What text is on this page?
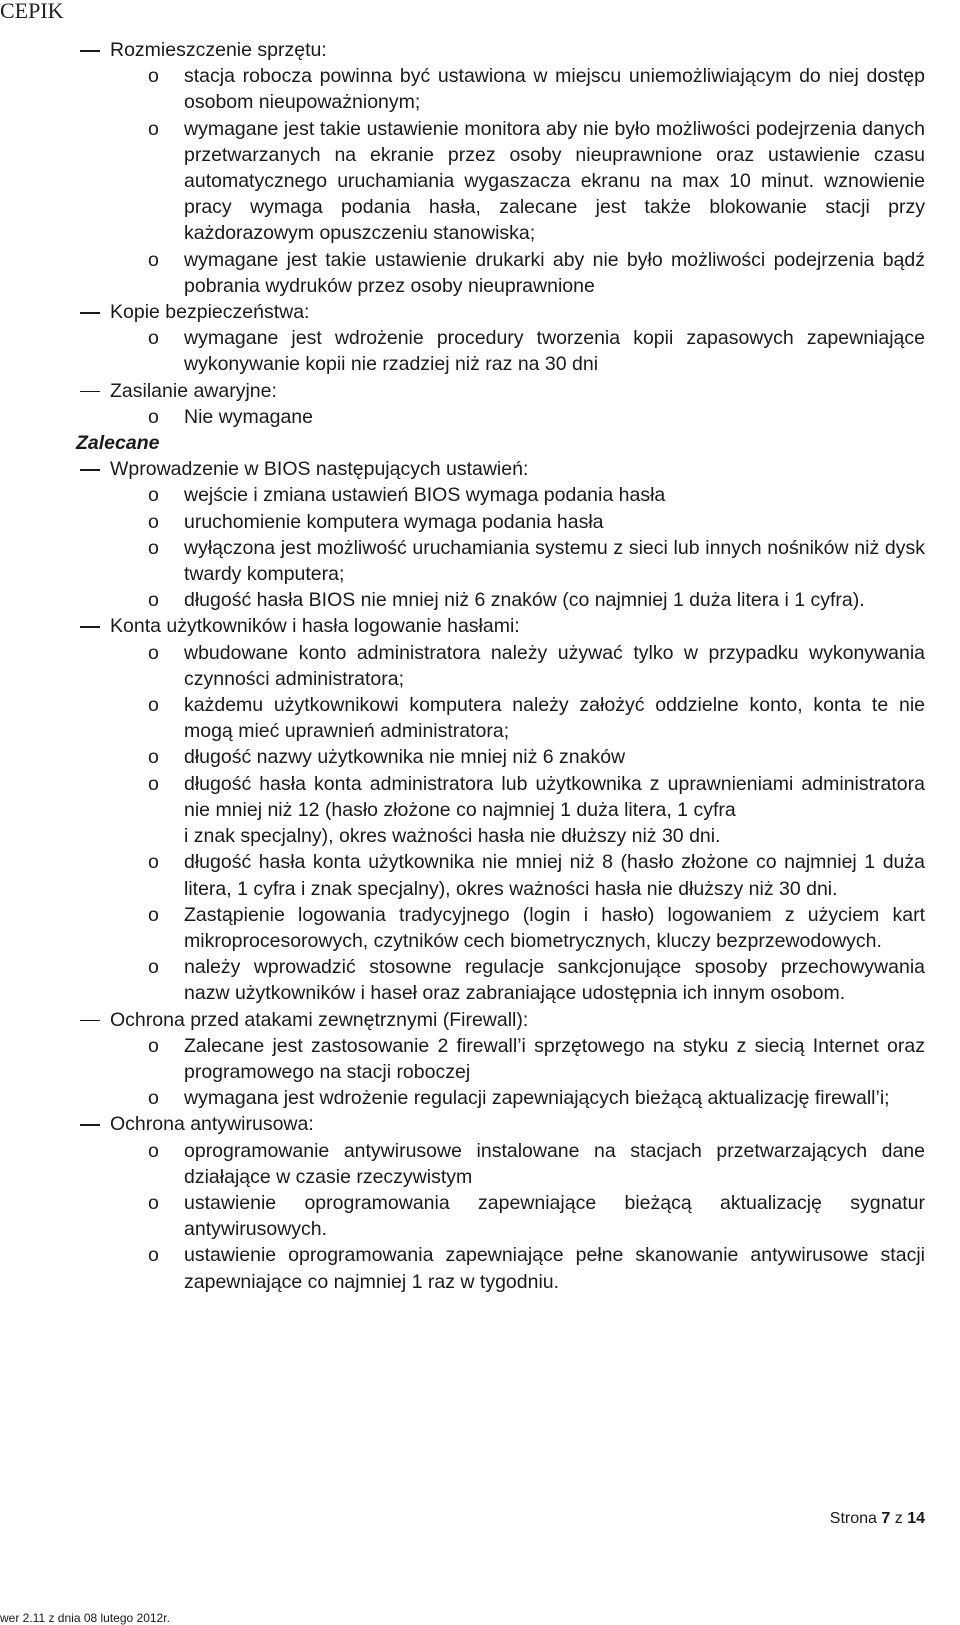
CEPIK
Rozmieszczenie sprzętu:
o stacja robocza powinna być ustawiona w miejscu uniemożliwiającym do niej dostęp osobom nieupoważnionym;
o wymagane jest takie ustawienie monitora aby nie było możliwości podejrzenia danych przetwarzanych na ekranie przez osoby nieuprawnione oraz ustawienie czasu automatycznego uruchamiania wygaszacza ekranu na max 10 minut. wznowienie pracy wymaga podania hasła, zalecane jest także blokowanie stacji przy każdorazowym opuszczeniu stanowiska;
o wymagane jest takie ustawienie drukarki aby nie było możliwości podejrzenia bądź pobrania wydruków przez osoby nieuprawnione
Kopie bezpieczeństwa:
o wymagane jest wdrożenie procedury tworzenia kopii zapasowych zapewniające wykonywanie kopii nie rzadziej niż raz na 30 dni
Zasilanie awaryjne:
o Nie wymagane
Zalecane
Wprowadzenie w BIOS następujących ustawień:
o wejście i zmiana ustawień BIOS wymaga podania hasła
o uruchomienie komputera wymaga podania hasła
o wyłączona jest możliwość uruchamiania systemu z sieci lub innych nośników niż dysk twardy komputera;
o długość hasła BIOS nie mniej niż 6 znaków (co najmniej 1 duża litera i 1 cyfra).
Konta użytkowników i hasła logowanie hasłami:
o wbudowane konto administratora należy używać tylko w przypadku wykonywania czynności administratora;
o każdemu użytkownikowi komputera należy założyć oddzielne konto, konta te nie mogą mieć uprawnień administratora;
o długość nazwy użytkownika nie mniej niż 6 znaków
o długość hasła konta administratora lub użytkownika z uprawnieniami administratora nie mniej niż 12 (hasło złożone co najmniej 1 duża litera, 1 cyfra
i znak specjalny), okres ważności hasła nie dłuższy niż 30 dni.
o długość hasła konta użytkownika nie mniej niż 8 (hasło złożone co najmniej 1 duża litera, 1 cyfra i znak specjalny), okres ważności hasła nie dłuższy niż 30 dni.
o Zastąpienie logowania tradycyjnego (login i hasło) logowaniem z użyciem kart mikroprocesorowych, czytników cech biometrycznych, kluczy bezprzewodowych.
o należy wprowadzić stosowne regulacje sankcjonujące sposoby przechowywania nazw użytkowników i haseł oraz zabraniające udostępnia ich innym osobom.
Ochrona przed atakami zewnętrznymi (Firewall):
o Zalecane jest zastosowanie 2 firewall’i sprzętowego na styku z siecią Internet oraz programowego na stacji roboczej
o wymagana jest wdrożenie regulacji zapewniających bieżącą aktualizację firewall’i;
Ochrona antywirusowa:
o oprogramowanie antywirusowe instalowane na stacjach przetwarzających dane działające w czasie rzeczywistym
o ustawienie oprogramowania zapewniające bieżącą aktualizację sygnatur antywirusowych.
o ustawienie oprogramowania zapewniające pełne skanowanie antywirusowe stacji zapewniające co najmniej 1 raz w tygodniu.
Strona 7 z 14
wer 2.11 z dnia 08 lutego 2012r.
